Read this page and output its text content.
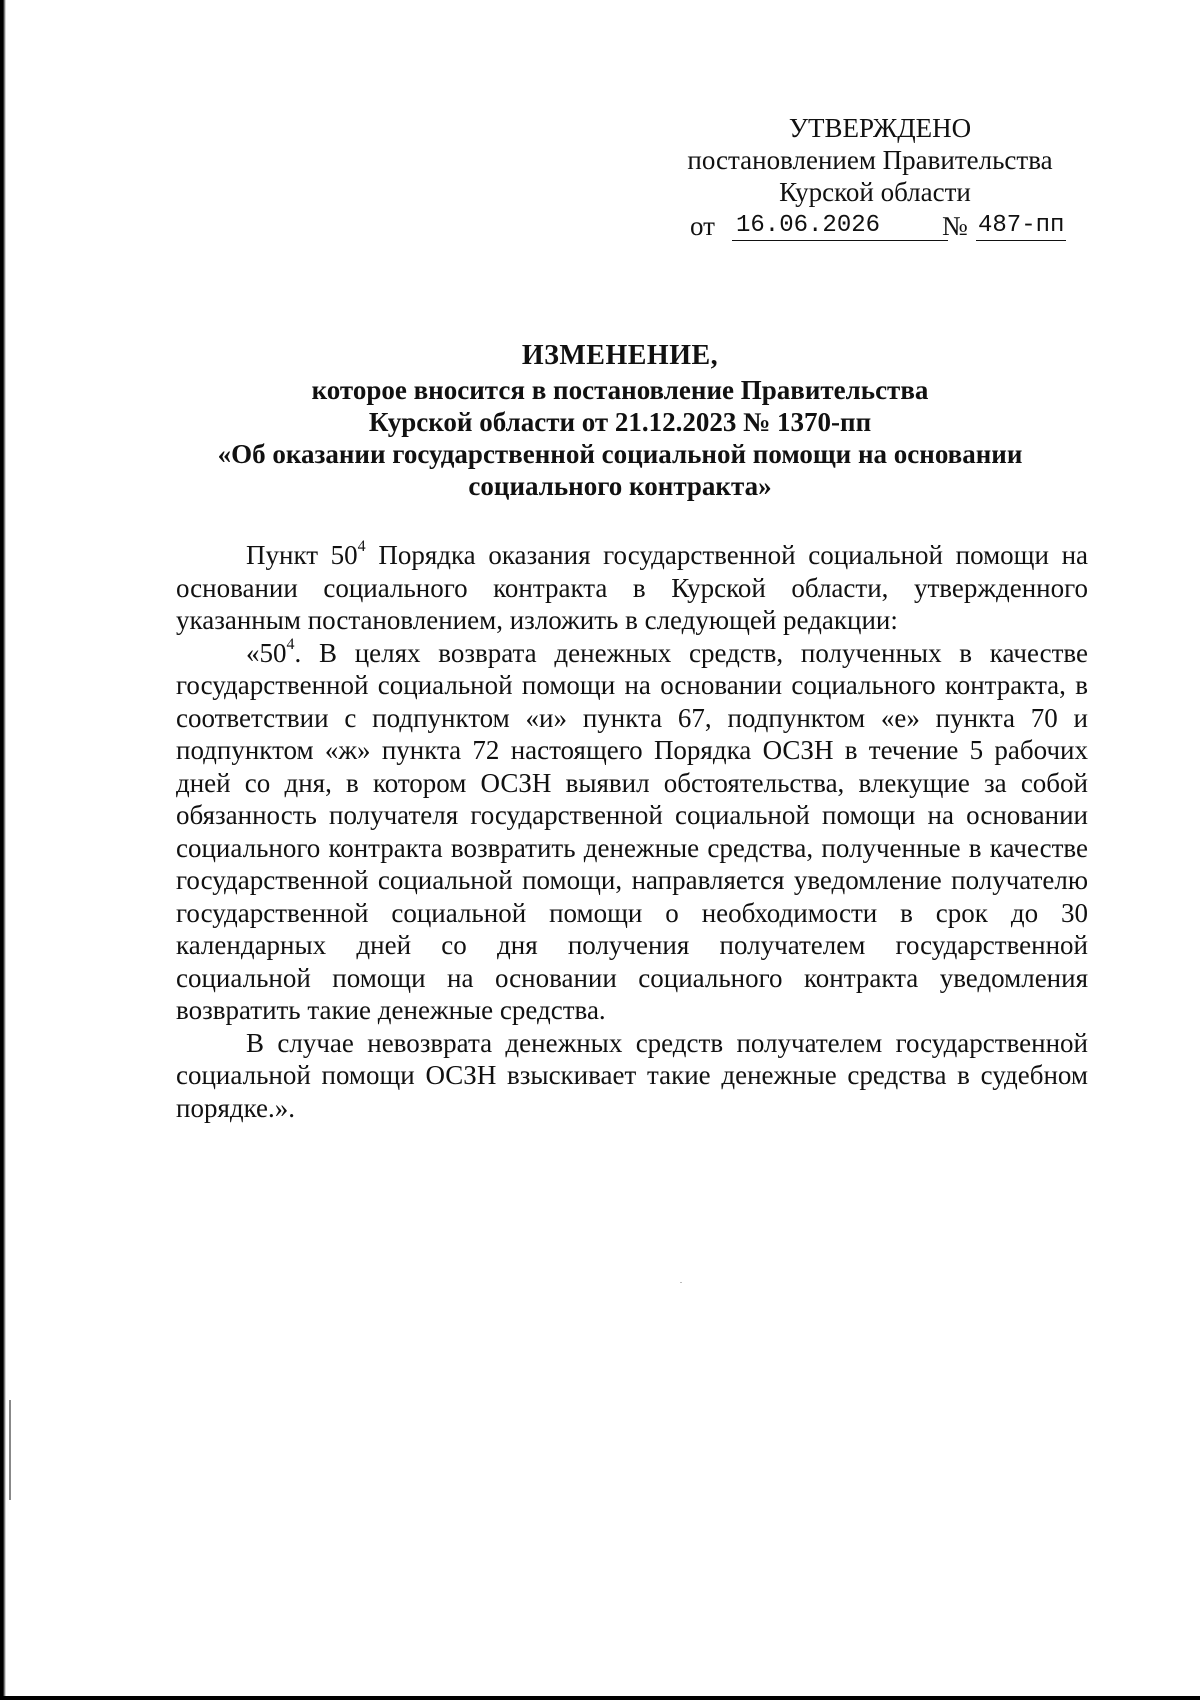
УТВЕРЖДЕНО
постановлением Правительства
Курской области
от 16.06.2026	№ 487-пп
ИЗМЕНЕНИЕ,
которое вносится в постановление Правительства
Курской области от 21.12.2023 № 1370-пп
«Об оказании государственной социальной помощи на основании
социального контракта»

Пункт $50^4$ Порядка оказания государственной социальной помощи на основании социального контракта в Курской области, утвержденного указанным постановлением, изложить в следующей редакции:

«$50^4$. В целях возврата денежных средств, полученных в качестве государственной социальной помощи на основании социального контракта, в соответствии с подпунктом «и» пункта 67, подпунктом «е» пункта 70 и подпунктом «ж» пункта 72 настоящего Порядка ОСЗН в течение 5 рабочих дней со дня, в котором ОСЗН выявил обстоятельства, влекущие за собой обязанность получателя государственной социальной помощи на основании социального контракта возвратить денежные средства, полученные в качестве государственной социальной помощи, направляется уведомление получателю государственной социальной помощи о необходимости в срок до 30 календарных дней со дня получения получателем государственной социальной помощи на основании социального контракта уведомления возвратить такие денежные средства.

В случае невозврата денежных средств получателем государственной социальной помощи ОСЗН взыскивает такие денежные средства в судебном порядке.».
